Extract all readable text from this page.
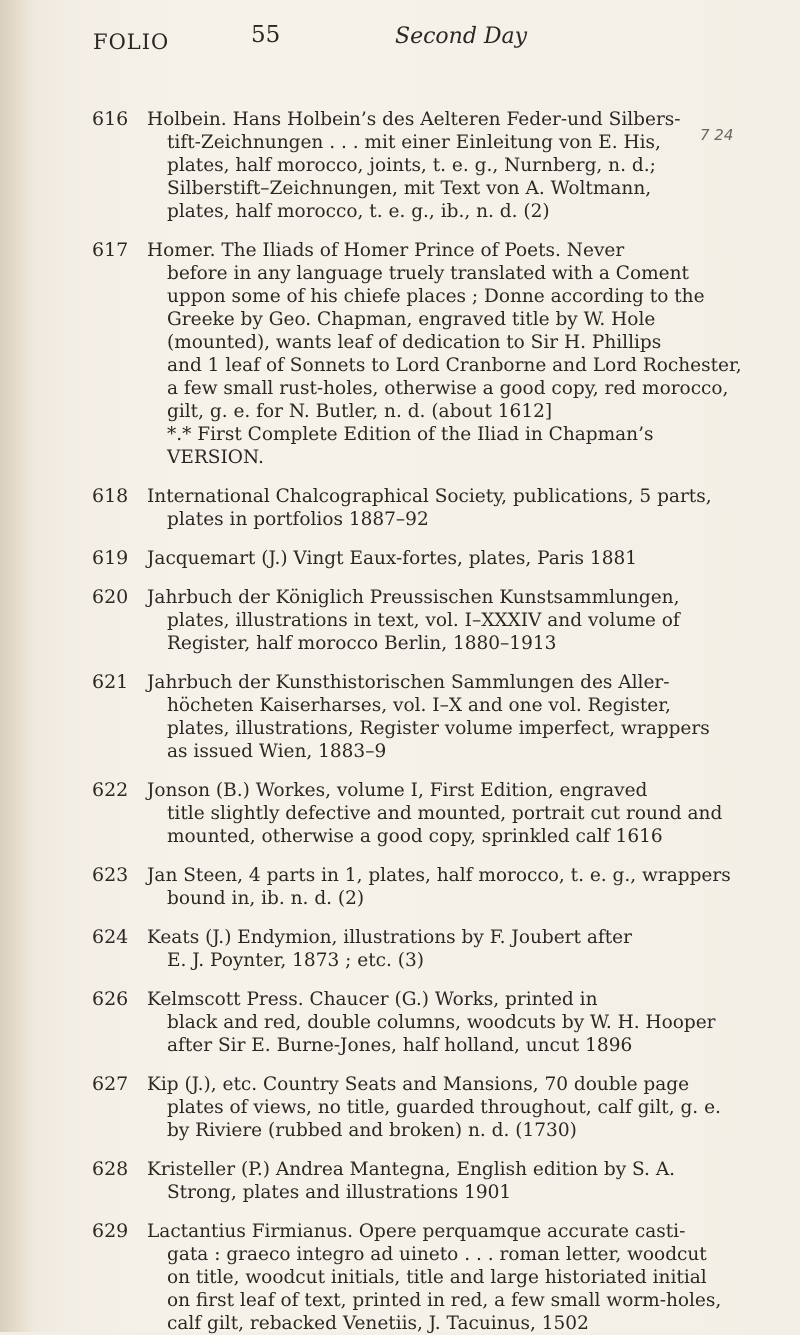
FOLIO	55	Second Day
616 Holbein. Hans Holbein’s des Aelteren Feder-und Silbers-
tift-Zeichnungen . . . mit einer Einleitung von E. His,
plates, half morocco, joints, t. e. g., Nurnberg, n. d.;
Silberstift–Zeichnungen, mit Text von A. Woltmann,
plates, half morocco, t. e. g., ib., n. d. (2)
7 24
617 Homer. The Iliads of Homer Prince of Poets. Never
before in any language truely translated with a Coment
uppon some of his chiefe places ; Donne according to the
Greeke by Geo. Chapman, engraved title by W. Hole
(mounted), wants leaf of dedication to Sir H. Phillips
and 1 leaf of Sonnets to Lord Cranborne and Lord Rochester,
a few small rust-holes, otherwise a good copy, red morocco,
gilt, g. e. for N. Butler, n. d. (about 1612]
*.* First Complete Edition of the Iliad in Chapman’s
VERSION.
618 International Chalcographical Society, publications, 5 parts,
plates in portfolios 1887–92
619 Jacquemart (J.) Vingt Eaux-fortes, plates, Paris 1881
620 Jahrbuch der Königlich Preussischen Kunstsammlungen,
plates, illustrations in text, vol. I–XXXIV and volume of
Register, half morocco Berlin, 1880–1913
621 Jahrbuch der Kunsthistorischen Sammlungen des Aller-
höcheten Kaiserharses, vol. I–X and one vol. Register,
plates, illustrations, Register volume imperfect, wrappers
as issued Wien, 1883–9
622 Jonson (B.) Workes, volume I, First Edition, engraved
title slightly defective and mounted, portrait cut round and
mounted, otherwise a good copy, sprinkled calf 1616
623 Jan Steen, 4 parts in 1, plates, half morocco, t. e. g., wrappers
bound in, ib. n. d. (2)
624 Keats (J.) Endymion, illustrations by F. Joubert after
E. J. Poynter, 1873 ; etc. (3)
626 Kelmscott Press. Chaucer (G.) Works, printed in
black and red, double columns, woodcuts by W. H. Hooper
after Sir E. Burne-Jones, half holland, uncut 1896
627 Kip (J.), etc. Country Seats and Mansions, 70 double page
plates of views, no title, guarded throughout, calf gilt, g. e.
by Riviere (rubbed and broken) n. d. (1730)
628 Kristeller (P.) Andrea Mantegna, English edition by S. A.
Strong, plates and illustrations 1901
629 Lactantius Firmianus. Opere perquamque accurate casti-
gata : graeco integro ad uineto . . . roman letter, woodcut
on title, woodcut initials, title and large historiated initial
on first leaf of text, printed in red, a few small worm-holes,
calf gilt, rebacked Venetiis, J. Tacuinus, 1502
